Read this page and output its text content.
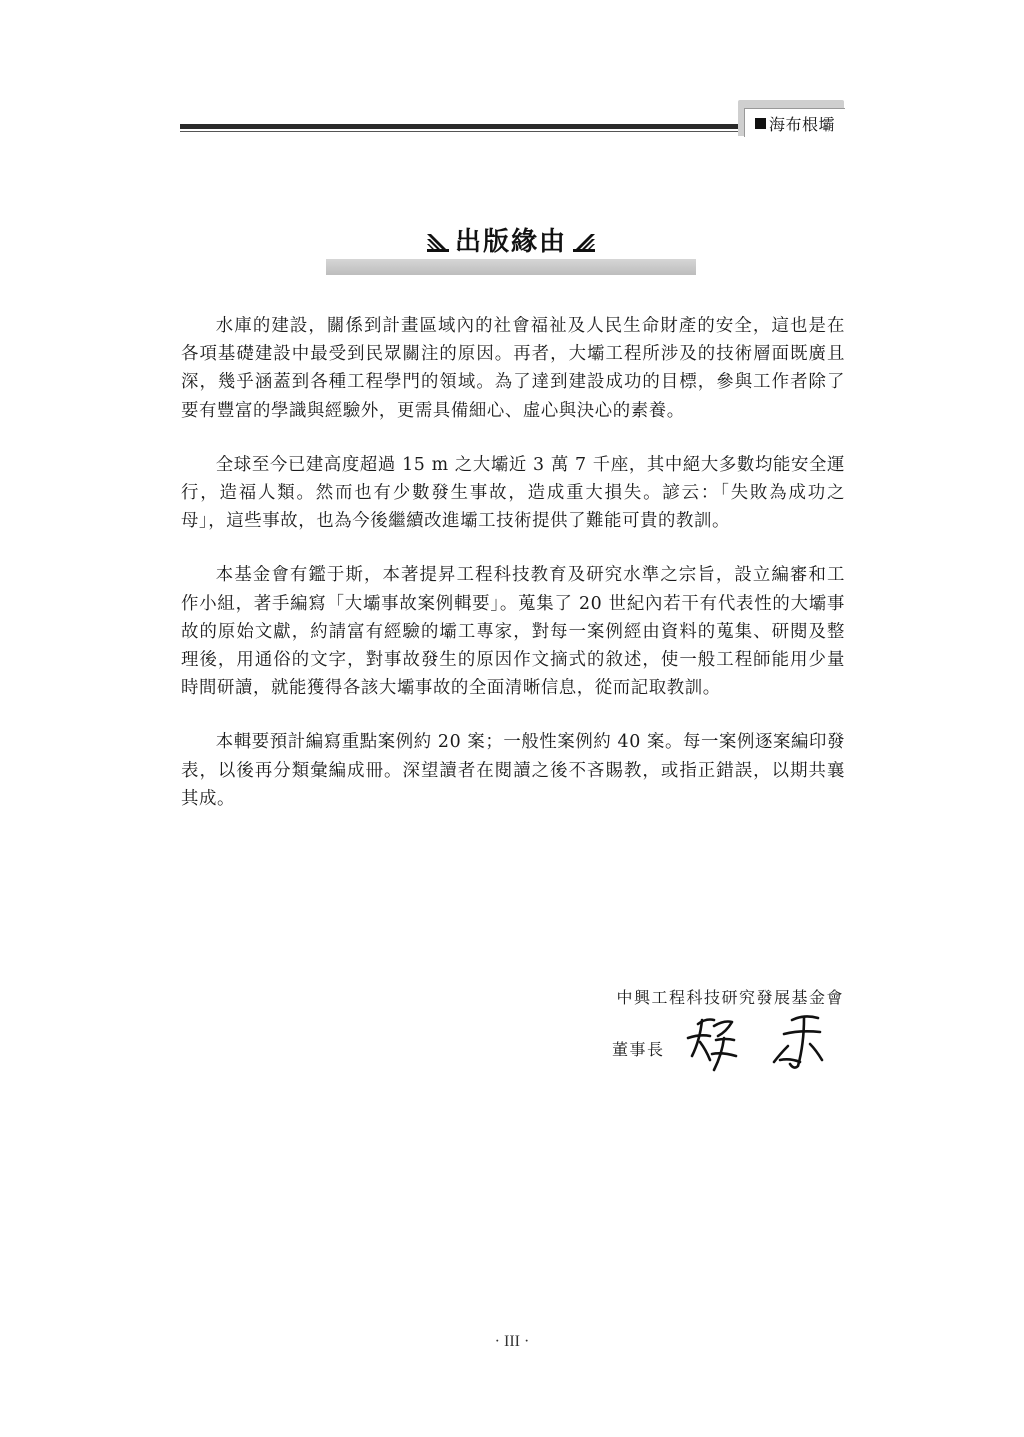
海布根壩
出版緣由

水庫的建設，關係到計畫區域內的社會福祉及人民生命財產的安全，這也是在各項基礎建設中最受到民眾關注的原因。再者，大壩工程所涉及的技術層面既廣且深，幾乎涵蓋到各種工程學門的領域。為了達到建設成功的目標，參與工作者除了要有豐富的學識與經驗外，更需具備細心、虛心與決心的素養。

全球至今已建高度超過 15 m 之大壩近 3 萬 7 千座，其中絕大多數均能安全運行，造福人類。然而也有少數發生事故，造成重大損失。諺云：「失敗為成功之母」，這些事故，也為今後繼續改進壩工技術提供了難能可貴的教訓。

本基金會有鑑于斯，本著提昇工程科技教育及研究水準之宗旨，設立編審和工作小組，著手編寫「大壩事故案例輯要」。蒐集了 20 世紀內若干有代表性的大壩事故的原始文獻，約請富有經驗的壩工專家，對每一案例經由資料的蒐集、研閱及整理後，用通俗的文字，對事故發生的原因作文摘式的敘述，使一般工程師能用少量時間研讀，就能獲得各該大壩事故的全面清晰信息，從而記取教訓。

本輯要預計編寫重點案例約 20 案；一般性案例約 40 案。每一案例逐案編印發表，以後再分類彙編成冊。深望讀者在閱讀之後不吝賜教，或指正錯誤，以期共襄其成。

中興工程科技研究發展基金會
董事長
· III ·
